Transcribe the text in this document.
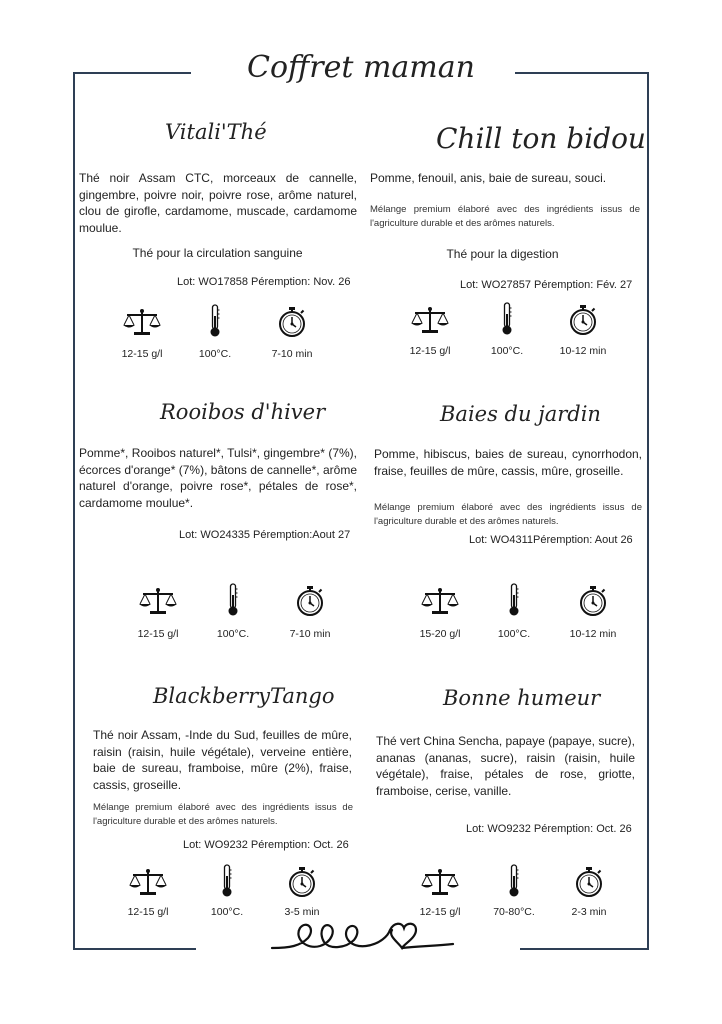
Coffret maman
Vitali'Thé
Thé noir Assam CTC, morceaux de cannelle, gingembre, poivre noir, poivre rose, arôme naturel, clou de girofle, cardamome, muscade, cardamome moulue.
Thé pour la circulation sanguine
Lot: WO17858 Péremption: Nov. 26
Chill ton bidou
Pomme, fenouil, anis, baie de sureau, souci.
Mélange premium élaboré avec des ingrédients issus de l'agriculture durable et des arômes naturels.
Thé pour la digestion
Lot: WO27857 Péremption: Fév. 27
Rooibos d'hiver
Pomme*, Rooibos naturel*, Tulsi*, gingembre* (7%), écorces d'orange* (7%), bâtons de cannelle*, arôme naturel d'orange, poivre rose*, pétales de rose*, cardamome moulue*.
Lot: WO24335 Péremption:Aout 27
Baies du jardin
Pomme, hibiscus, baies de sureau, cynorrhodon, fraise, feuilles de mûre, cassis, mûre, groseille.
Mélange premium élaboré avec des ingrédients issus de l'agriculture durable et des arômes naturels.
Lot: WO4311Péremption: Aout 26
BlackberryTango
Thé noir Assam, -Inde du Sud, feuilles de mûre, raisin (raisin, huile végétale), verveine entière, baie de sureau, framboise, mûre (2%), fraise, cassis, groseille.
Mélange premium élaboré avec des ingrédients issus de l'agriculture durable et des arômes naturels.
Lot: WO9232 Péremption: Oct. 26
Bonne humeur
Thé vert China Sencha, papaye (papaye, sucre), ananas (ananas, sucre), raisin (raisin, huile végétale), fraise, pétales de rose, griotte, framboise, cerise, vanille.
Lot: WO9232 Péremption: Oct. 26
12-15 g/l	100°C.	7-10 min	12-15 g/l	100°C.	10-12 min
12-15 g/l	100°C.	7-10 min	15-20 g/l	100°C.	10-12 min
12-15 g/l	100°C.	3-5 min	12-15 g/l	70-80°C.	2-3 min
